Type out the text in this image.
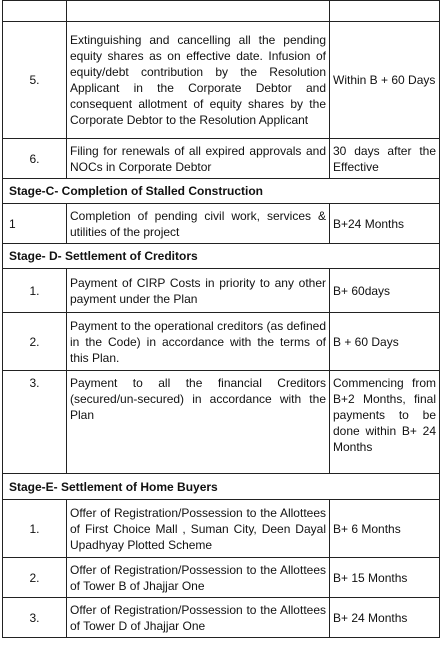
5.	Extinguishing and cancelling all the pending equity shares as on effective date. Infusion of equity/debt contribution by the Resolution Applicant in the Corporate Debtor and consequent allotment of equity shares by the Corporate Debtor to the Resolution Applicant	Within B + 60 Days
6.	Filing for renewals of all expired approvals and NOCs in Corporate Debtor	30 days after the Effective
Stage-C- Completion of Stalled Construction		
1	Completion of pending civil work, services & utilities of the project	B+24 Months
Stage- D- Settlement of Creditors		
1.	Payment of CIRP Costs in priority to any other payment under the Plan	B+ 60days
2.	Payment to the operational creditors (as defined in the Code) in accordance with the terms of this Plan.	B + 60 Days
3.	Payment to all the financial Creditors (secured/un-secured) in accordance with the Plan	Commencing from B+2 Months, final payments to be done within B+ 24 Months
Stage-E- Settlement of Home Buyers		
1.	Offer of Registration/Possession to the Allottees of First Choice Mall , Suman City, Deen Dayal Upadhyay Plotted Scheme	B+ 6 Months
2.	Offer of Registration/Possession to the Allottees of Tower B of Jhajjar One	B+ 15 Months
3.	Offer of Registration/Possession to the Allottees of Tower D of Jhajjar One	B+ 24 Months
